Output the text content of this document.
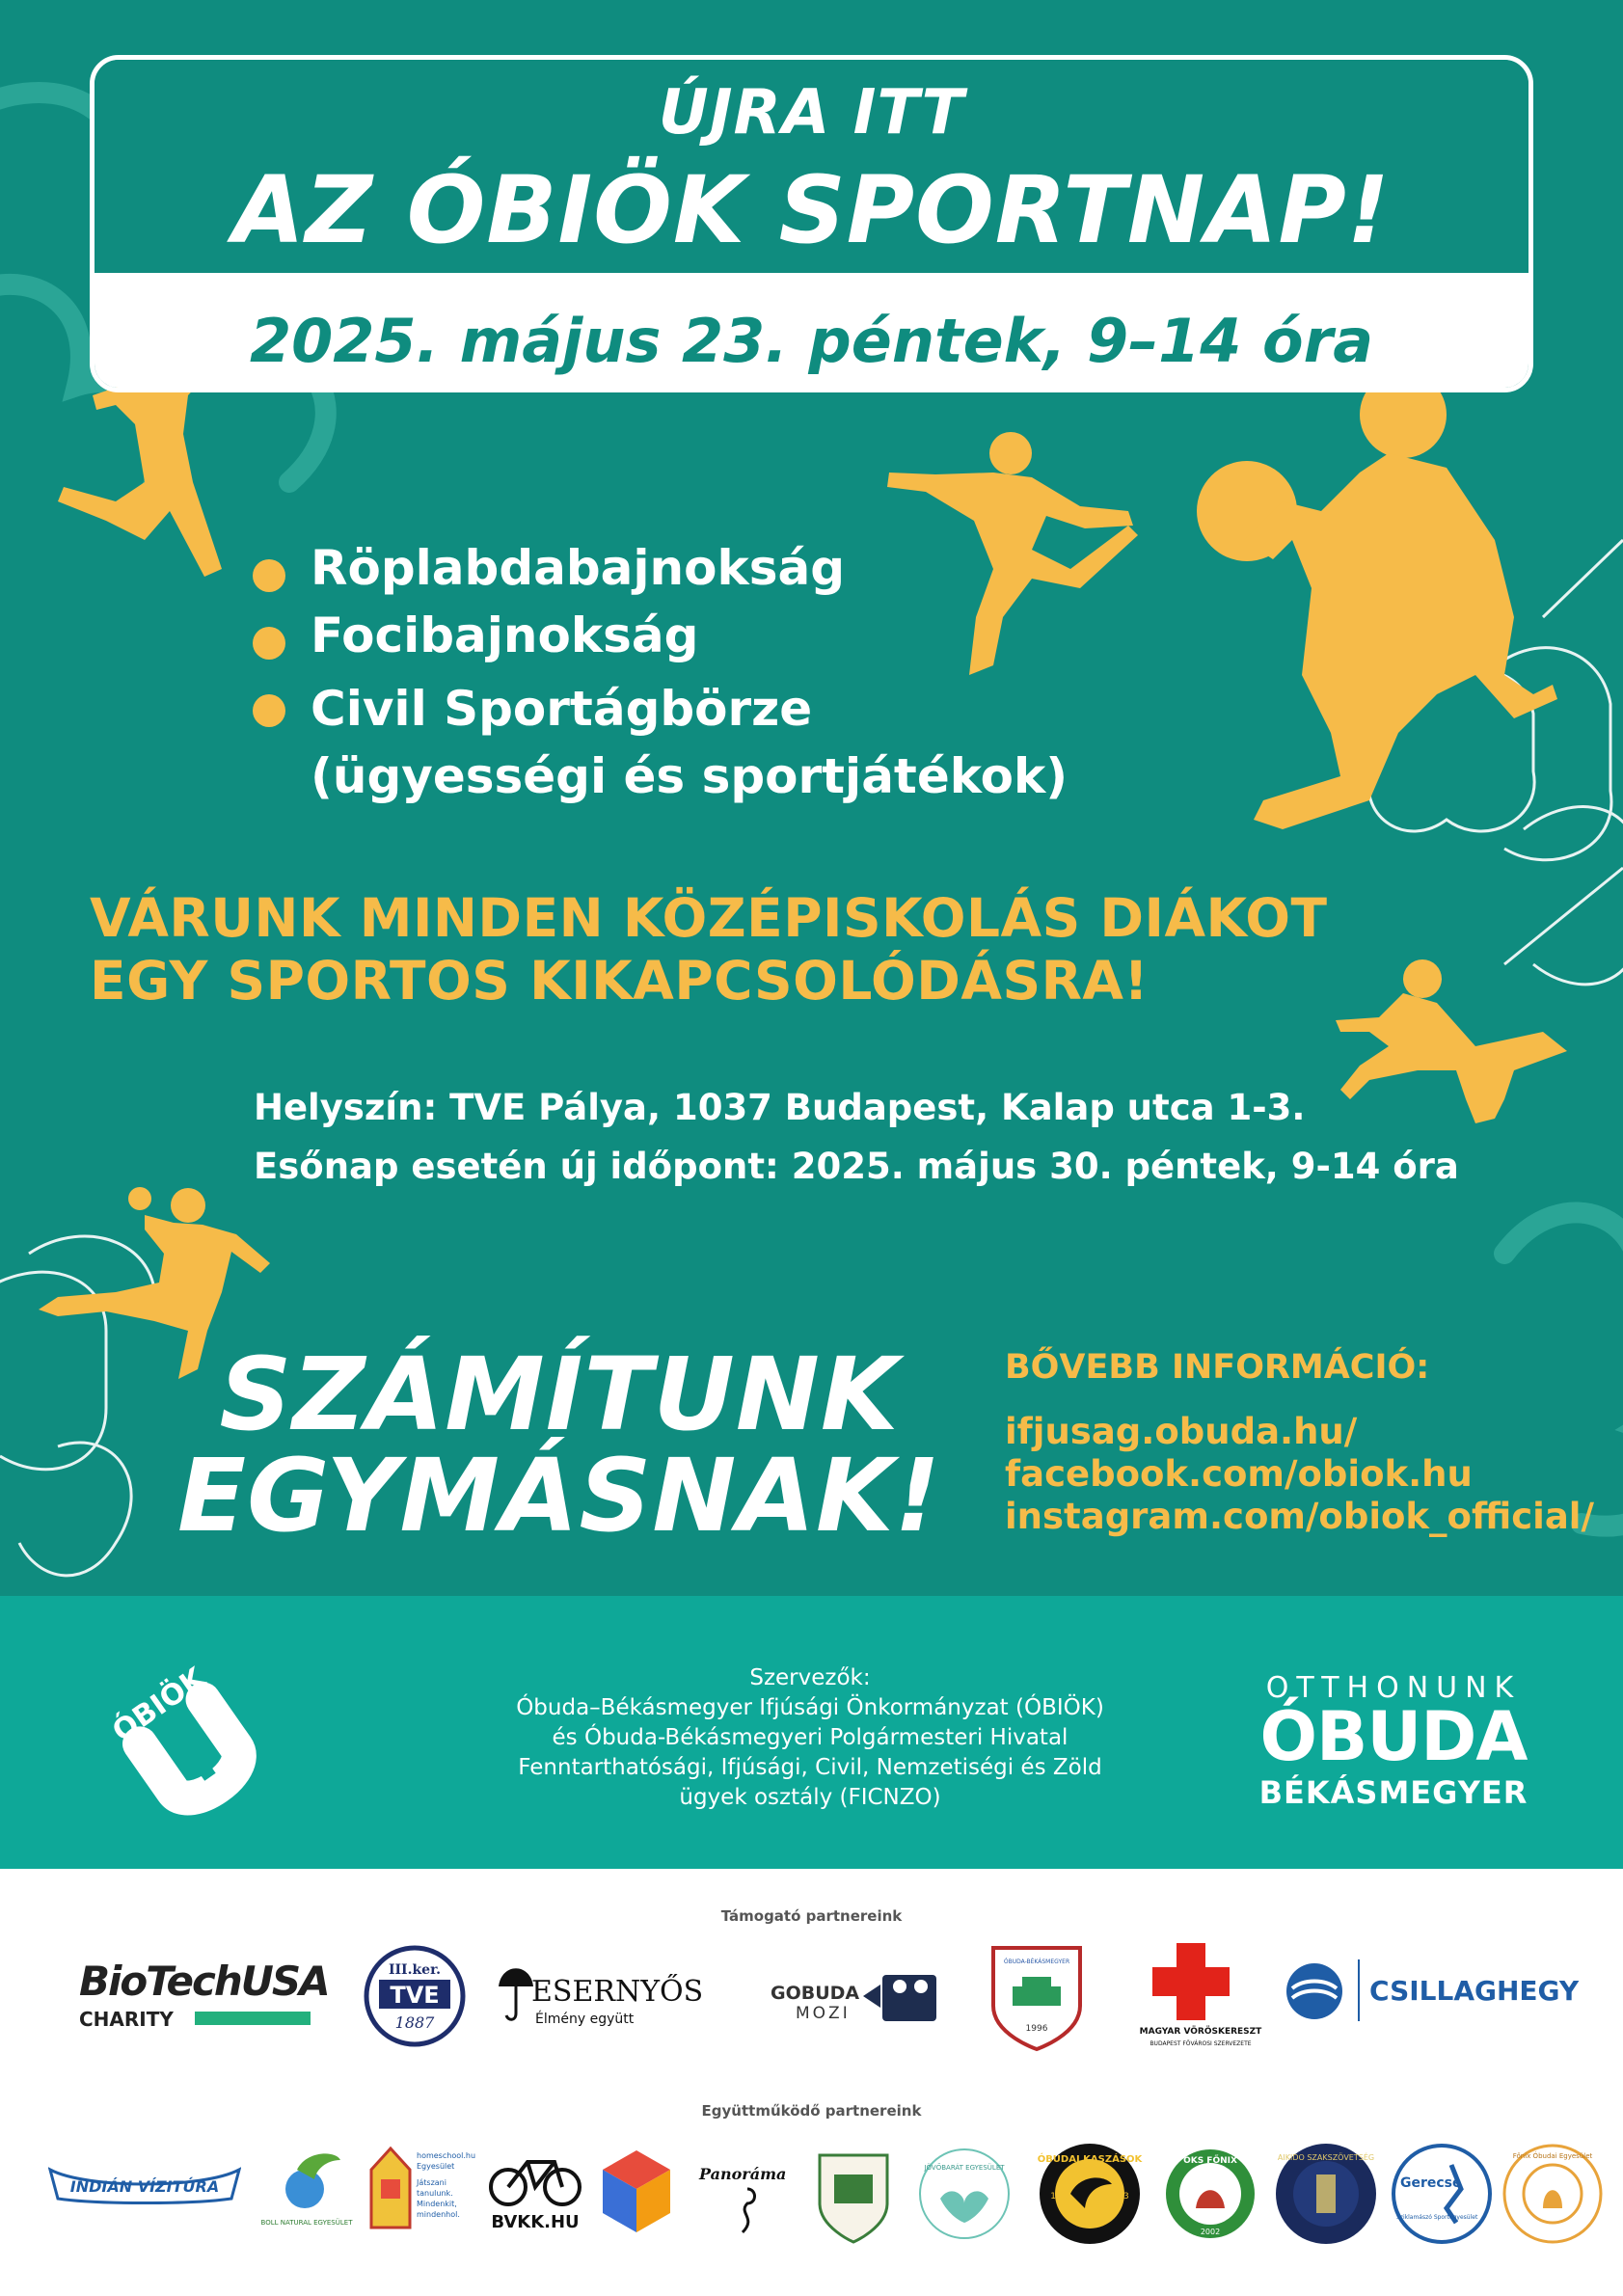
ÚJRA ITT
AZ ÓBIÖK SPORTNAP!
2025. május 23. péntek, 9–14 óra
Röplabdabajnokság
Focibajnokság
Civil Sportágbörze
(ügyességi és sportjátékok)
VÁRUNK MINDEN KÖZÉPISKOLÁS DIÁKOT
EGY SPORTOS KIKAPCSOLÓDÁSRA!
Helyszín: TVE Pálya, 1037 Budapest, Kalap utca 1-3.
Esőnap esetén új időpont: 2025. május 30. péntek, 9-14 óra
SZÁMÍTUNK
EGYMÁSNAK!
BŐVEBB INFORMÁCIÓ:
ifjusag.obuda.hu/
facebook.com/obiok.hu
instagram.com/obiok_official/
ÓBIÖK	Szervezők:
Óbuda–Békásmegyer Ifjúsági Önkormányzat (ÓBIÖK)
és Óbuda-Békásmegyeri Polgármesteri Hivatal
Fenntarthatósági, Ifjúsági, Civil, Nemzetiségi és Zöld
ügyek osztály (FICNZO)
OTTHONUNK
ÓBUDA
BÉKÁSMEGYER
Támogató partnereink
BioTechUSA
CHARITY
III.ker.
TVE
1887
ESERNYŐS
Élmény együtt
GOBUDA
MOZI
ÓBUDA-BÉKÁSMEGYER
1996	MAGYAR VÖRÖSKERESZT
BUDAPEST FŐVÁROSI SZERVEZETE
CSILLAGHEGY
Együttműködő partnereink
INDIÁN VÍZITÚRA
BOLL NATURAL EGYESÜLET
homeschool.hu Egyesület
Játszani tanulunk.
Mindenkit, mindenhol.	BVKK.HU
Panoráma	JÖVŐBARÁT EGYESÜLET
ÓBUDAI KASZÁSOK
19	93
ÓKS FŐNIX
2002
AIKIDO SZAKSZÖVETSÉG
Gerecse
Sziklamászó Sportegyesület
Főnix Óbudai Egyesület
